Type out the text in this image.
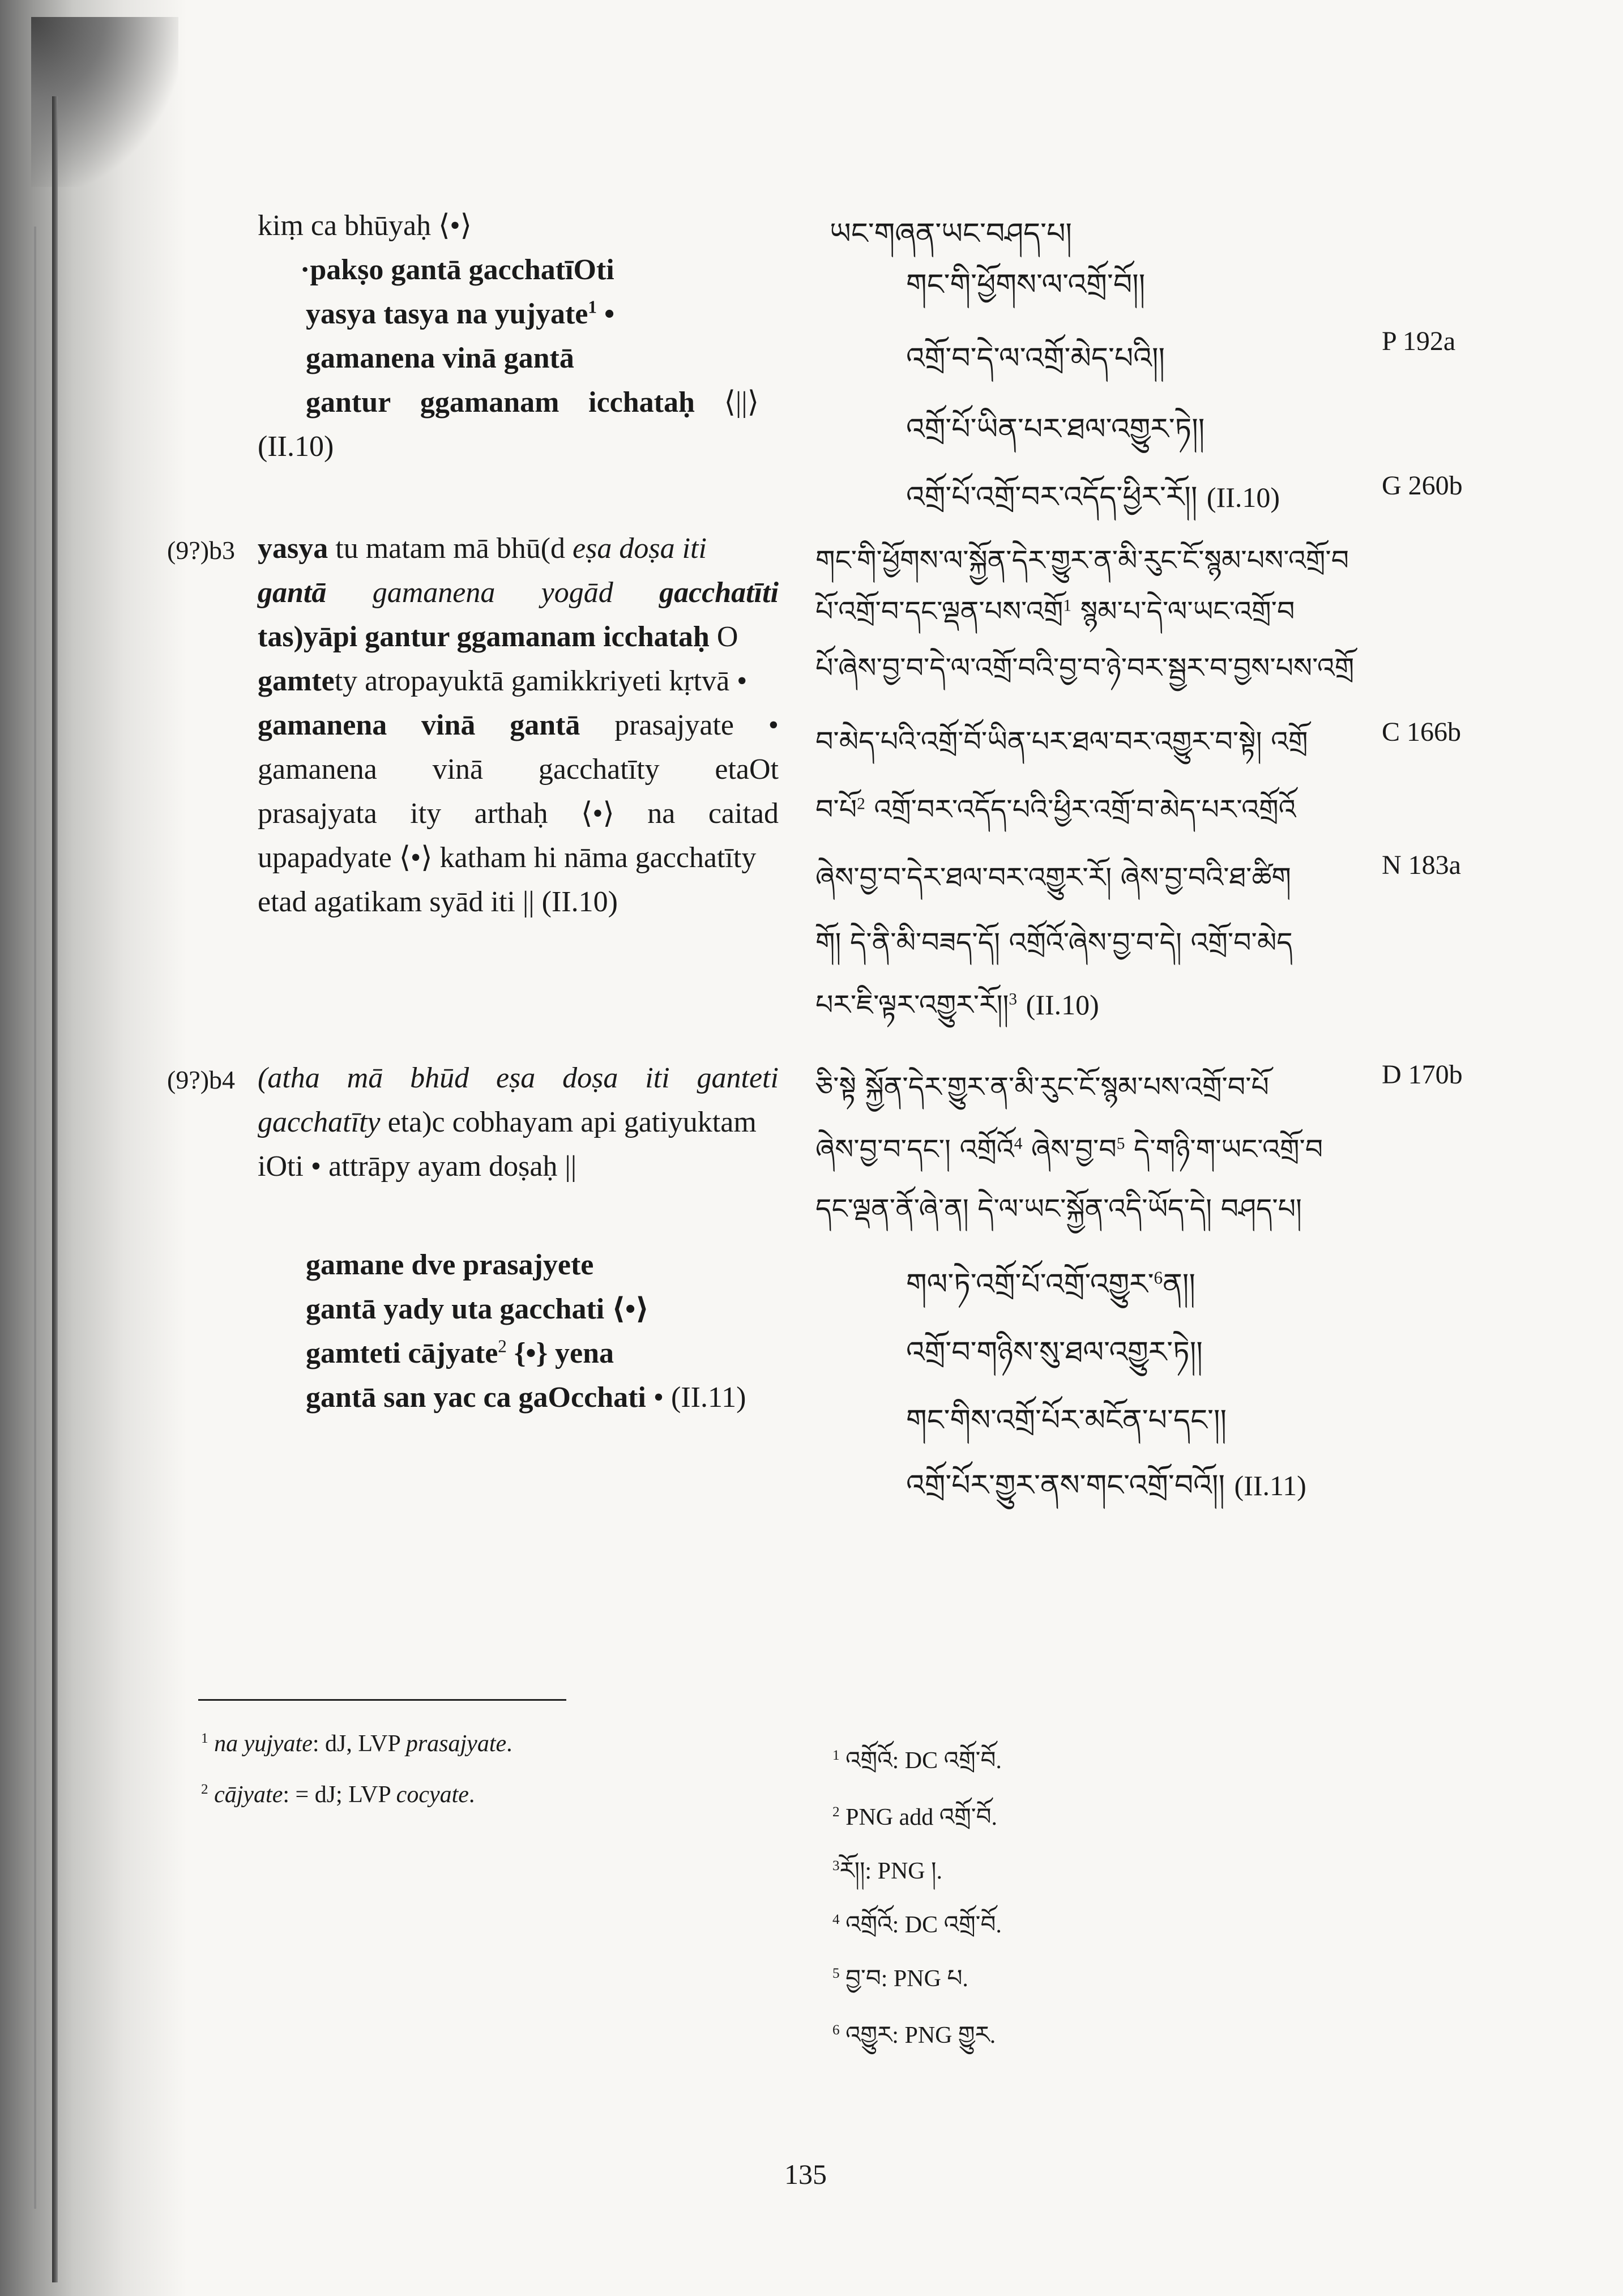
kiṃ ca bhūyaḥ ⟨•⟩
·pakṣo gantā gacchatīOti
yasya tasya na yujyate$^1$ •
gamanena vinā gantā
gantur ggamanam icchataḥ ⟨||⟩
(II.10)
(9?)b3 yasya tu matam mā bhū(d eṣa doṣa iti
gantā gamanena yogād gacchatīti
tas)yāpi gantur ggamanam icchataḥ O
gamtety atropayuktā gamikkriyeti kṛtvā •
gamanena vinā gantā prasajyate •
gamanena vinā gacchatīty etaOt
prasajyata ity arthaḥ ⟨•⟩ na caitad
upapadyate ⟨•⟩ katham hi nāma gacchatīty
etad agatikam syād iti || (II.10)
(9?)b4 (atha mā bhūd eṣa doṣa iti ganteti
gacchatīty eta)c cobhayam api gatiyuktam
iOti • attrāpy ayam doṣaḥ ||
gamane dve prasajyete
gantā yady uta gacchati ⟨•⟩
gamteti cājyate$^2$ {•} yena
gantā san yac ca gaOcchati • (II.11)
ཡང་གཞན་ཡང་བཤད་པ།
གང་གི་ཕྱོགས་ལ་འགྲོ་བོ།།
འགྲོ་བ་དེ་ལ་འགྲོ་མེད་པའི།།
འགྲོ་པོ་ཡིན་པར་ཐལ་འགྱུར་ཏེ།།
འགྲོ་པོ་འགྲོ་བར་འདོད་ཕྱིར་རོ།། (II.10)
གང་གི་ཕྱོགས་ལ་སྐྱོན་དེར་གྱུར་ན་མི་རུང་ངོ་སྙམ་པས་འགྲོ་བ
པོ་འགྲོ་བ་དང་ལྡན་པས་འགྲོ$^1$ སྙམ་པ་དེ་ལ་ཡང་འགྲོ་བ
པོ་ཞེས་བྱ་བ་དེ་ལ་འགྲོ་བའི་བྱ་བ་ཉེ་བར་སྦྱར་བ་བྱས་པས་འགྲོ
བ་མེད་པའི་འགྲོ་བོ་ཡིན་པར་ཐལ་བར་འགྱུར་བ་སྟེ། འགྲོ
བ་པོ$^2$ འགྲོ་བར་འདོད་པའི་ཕྱིར་འགྲོ་བ་མེད་པར་འགྲོའོ
ཞེས་བྱ་བ་དེར་ཐལ་བར་འགྱུར་རོ། ཞེས་བྱ་བའི་ཐ་ཚིག
གོ། དེ་ནི་མི་བཟད་དོ། འགྲོའོ་ཞེས་བྱ་བ་དེ། འགྲོ་བ་མེད
པར་ཇི་ལྟར་འགྱུར་རོ།།$^3$ (II.10)
ཅི་སྟེ སྐྱོན་དེར་གྱུར་ན་མི་རུང་ངོ་སྙམ་པས་འགྲོ་བ་པོ
ཞེས་བྱ་བ་དང་། འགྲོའོ$^4$ ཞེས་བྱ་བ$^5$ དེ་གཉི་ག་ཡང་འགྲོ་བ
དང་ལྡན་ནོ་ཞེ་ན། དེ་ལ་ཡང་སྐྱོན་འདི་ཡོད་དེ། བཤད་པ།
གལ་ཏེ་འགྲོ་པོ་འགྲོ་འགྱུར་$^6$ན།།
འགྲོ་བ་གཉིས་སུ་ཐལ་འགྱུར་ཏེ།།
གང་གིས་འགྲོ་པོར་མངོན་པ་དང་།།
འགྲོ་པོར་གྱུར་ནས་གང་འགྲོ་བའོ།། (II.11)
P 192a
G 260b
C 166b
N 183a
D 170b
$^1$ na yujyate: dJ, LVP prasajyate.
$^2$ cājyate: = dJ; LVP cocyate.
$^1$ འགྲོའོ: DC འགྲོ་བོ.
$^2$ PNG add འགྲོ་བོ.
$^3$རོ།།: PNG །.
$^4$ འགྲོའོ: DC འགྲོ་བོ.
$^5$ བྱ་བ: PNG པ.
$^6$ འགྱུར: PNG གྱུར.
135
